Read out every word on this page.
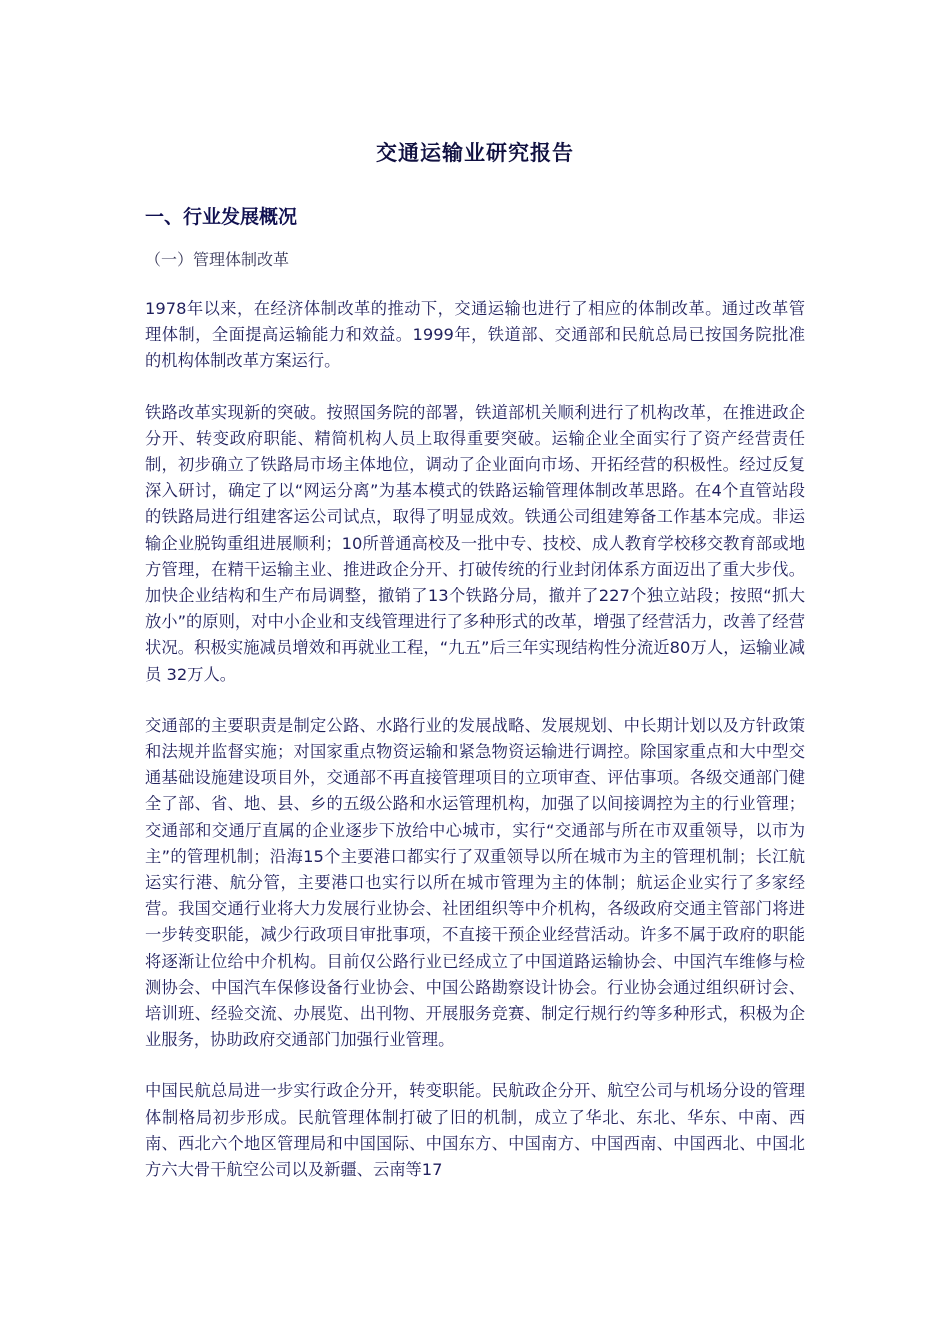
交通运输业研究报告
一、行业发展概况
（一）管理体制改革

1978年以来，在经济体制改革的推动下，交通运输也进行了相应的体制改革。通过改革管理体制，全面提高运输能力和效益。1999年，铁道部、交通部和民航总局已按国务院批准的机构体制改革方案运行。

铁路改革实现新的突破。按照国务院的部署，铁道部机关顺利进行了机构改革，在推进政企分开、转变政府职能、精简机构人员上取得重要突破。运输企业全面实行了资产经营责任制，初步确立了铁路局市场主体地位，调动了企业面向市场、开拓经营的积极性。经过反复深入研讨，确定了以“网运分离”为基本模式的铁路运输管理体制改革思路。在4个直管站段的铁路局进行组建客运公司试点，取得了明显成效。铁通公司组建筹备工作基本完成。非运输企业脱钩重组进展顺利；10所普通高校及一批中专、技校、成人教育学校移交教育部或地方管理，在精干运输主业、推进政企分开、打破传统的行业封闭体系方面迈出了重大步伐。加快企业结构和生产布局调整，撤销了13个铁路分局，撤并了227个独立站段；按照“抓大放小”的原则，对中小企业和支线管理进行了多种形式的改革，增强了经营活力，改善了经营状况。积极实施减员增效和再就业工程，“九五”后三年实现结构性分流近80万人，运输业减员 32万人。

交通部的主要职责是制定公路、水路行业的发展战略、发展规划、中长期计划以及方针政策和法规并监督实施；对国家重点物资运输和紧急物资运输进行调控。除国家重点和大中型交通基础设施建设项目外，交通部不再直接管理项目的立项审查、评估事项。各级交通部门健全了部、省、地、县、乡的五级公路和水运管理机构，加强了以间接调控为主的行业管理；交通部和交通厅直属的企业逐步下放给中心城市，实行“交通部与所在市双重领导，以市为主”的管理机制；沿海15个主要港口都实行了双重领导以所在城市为主的管理机制；长江航运实行港、航分管，主要港口也实行以所在城市管理为主的体制；航运企业实行了多家经营。我国交通行业将大力发展行业协会、社团组织等中介机构，各级政府交通主管部门将进一步转变职能，减少行政项目审批事项，不直接干预企业经营活动。许多不属于政府的职能将逐渐让位给中介机构。目前仅公路行业已经成立了中国道路运输协会、中国汽车维修与检测协会、中国汽车保修设备行业协会、中国公路勘察设计协会。行业协会通过组织研讨会、培训班、经验交流、办展览、出刊物、开展服务竞赛、制定行规行约等多种形式，积极为企业服务，协助政府交通部门加强行业管理。

中国民航总局进一步实行政企分开，转变职能。民航政企分开、航空公司与机场分设的管理体制格局初步形成。民航管理体制打破了旧的机制，成立了华北、东北、华东、中南、西南、西北六个地区管理局和中国国际、中国东方、中国南方、中国西南、中国西北、中国北方六大骨干航空公司以及新疆、云南等17
